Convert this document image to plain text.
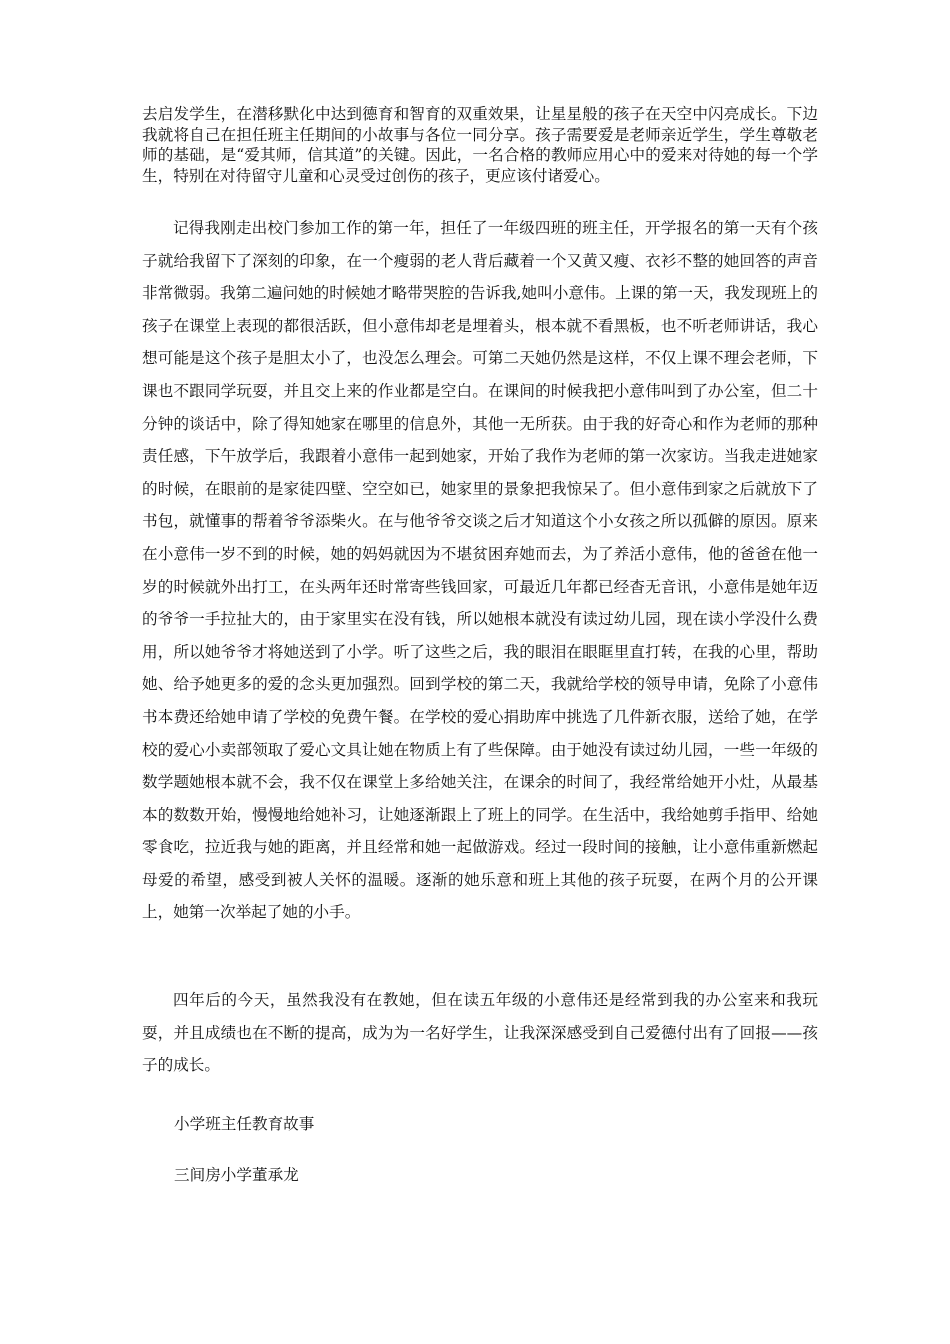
去启发学生，在潜移默化中达到德育和智育的双重效果，让星星般的孩子在天空中闪亮成长。下边我就将自己在担任班主任期间的小故事与各位一同分享。孩子需要爱是老师亲近学生，学生尊敬老师的基础，是“爱其师，信其道”的关键。因此，一名合格的教师应用心中的爱来对待她的每一个学生，特别在对待留守儿童和心灵受过创伤的孩子，更应该付诸爱心。

记得我刚走出校门参加工作的第一年，担任了一年级四班的班主任，开学报名的第一天有个孩子就给我留下了深刻的印象，在一个瘦弱的老人背后藏着一个又黄又瘦、衣衫不整的她回答的声音非常微弱。我第二遍问她的时候她才略带哭腔的告诉我,她叫小意伟。上课的第一天，我发现班上的孩子在课堂上表现的都很活跃，但小意伟却老是埋着头，根本就不看黑板，也不听老师讲话，我心想可能是这个孩子是胆太小了，也没怎么理会。可第二天她仍然是这样，不仅上课不理会老师，下课也不跟同学玩耍，并且交上来的作业都是空白。在课间的时候我把小意伟叫到了办公室，但二十分钟的谈话中，除了得知她家在哪里的信息外，其他一无所获。由于我的好奇心和作为老师的那种责任感，下午放学后，我跟着小意伟一起到她家，开始了我作为老师的第一次家访。当我走进她家的时候，在眼前的是家徒四壁、空空如已，她家里的景象把我惊呆了。但小意伟到家之后就放下了书包，就懂事的帮着爷爷添柴火。在与他爷爷交谈之后才知道这个小女孩之所以孤僻的原因。原来在小意伟一岁不到的时候，她的妈妈就因为不堪贫困弃她而去，为了养活小意伟，他的爸爸在他一岁的时候就外出打工，在头两年还时常寄些钱回家，可最近几年都已经杳无音讯，小意伟是她年迈的爷爷一手拉扯大的，由于家里实在没有钱，所以她根本就没有读过幼儿园，现在读小学没什么费用，所以她爷爷才将她送到了小学。听了这些之后，我的眼泪在眼眶里直打转，在我的心里，帮助她、给予她更多的爱的念头更加强烈。回到学校的第二天，我就给学校的领导申请，免除了小意伟书本费还给她申请了学校的免费午餐。在学校的爱心捐助库中挑选了几件新衣服，送给了她，在学校的爱心小卖部领取了爱心文具让她在物质上有了些保障。由于她没有读过幼儿园，一些一年级的数学题她根本就不会，我不仅在课堂上多给她关注，在课余的时间了，我经常给她开小灶，从最基本的数数开始，慢慢地给她补习，让她逐渐跟上了班上的同学。在生活中，我给她剪手指甲、给她零食吃，拉近我与她的距离，并且经常和她一起做游戏。经过一段时间的接触，让小意伟重新燃起母爱的希望，感受到被人关怀的温暖。逐渐的她乐意和班上其他的孩子玩耍，在两个月的公开课上，她第一次举起了她的小手。

四年后的今天，虽然我没有在教她，但在读五年级的小意伟还是经常到我的办公室来和我玩耍，并且成绩也在不断的提高，成为为一名好学生，让我深深感受到自己爱德付出有了回报——孩子的成长。

小学班主任教育故事

三间房小学董承龙
